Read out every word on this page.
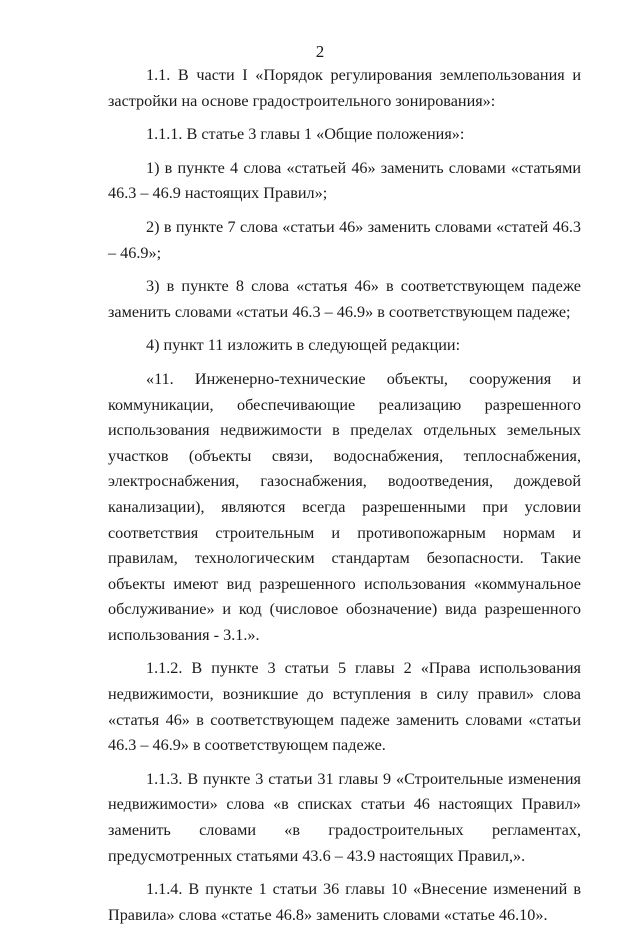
2

1.1. В части I «Порядок регулирования землепользования и застройки на основе градостроительного зонирования»:

1.1.1. В статье 3 главы 1 «Общие положения»:

1) в пункте 4 слова «статьей 46» заменить словами «статьями 46.3 – 46.9 настоящих Правил»;

2) в пункте 7 слова «статьи 46» заменить словами «статей 46.3 – 46.9»;

3) в пункте 8 слова «статья 46» в соответствующем падеже заменить словами «статьи 46.3 – 46.9» в соответствующем падеже;

4) пункт 11 изложить в следующей редакции:

«11. Инженерно-технические объекты, сооружения и коммуникации, обеспечивающие реализацию разрешенного использования недвижимости в пределах отдельных земельных участков (объекты связи, водоснабжения, теплоснабжения, электроснабжения, газоснабжения, водоотведения, дождевой канализации), являются всегда разрешенными при условии соответствия строительным и противопожарным нормам и правилам, технологическим стандартам безопасности. Такие объекты имеют вид разрешенного использования «коммунальное обслуживание» и код (числовое обозначение) вида разрешенного использования - 3.1.».

1.1.2. В пункте 3 статьи 5 главы 2 «Права использования недвижимости, возникшие до вступления в силу правил» слова «статья 46» в соответствующем падеже заменить словами «статьи 46.3 – 46.9» в соответствующем падеже.

1.1.3. В пункте 3 статьи 31 главы 9 «Строительные изменения недвижимости» слова «в списках статьи 46 настоящих Правил» заменить словами «в градостроительных регламентах, предусмотренных статьями 43.6 – 43.9 настоящих Правил,».

1.1.4. В пункте 1 статьи 36 главы 10 «Внесение изменений в Правила» слова «статье 46.8» заменить словами «статье 46.10».
